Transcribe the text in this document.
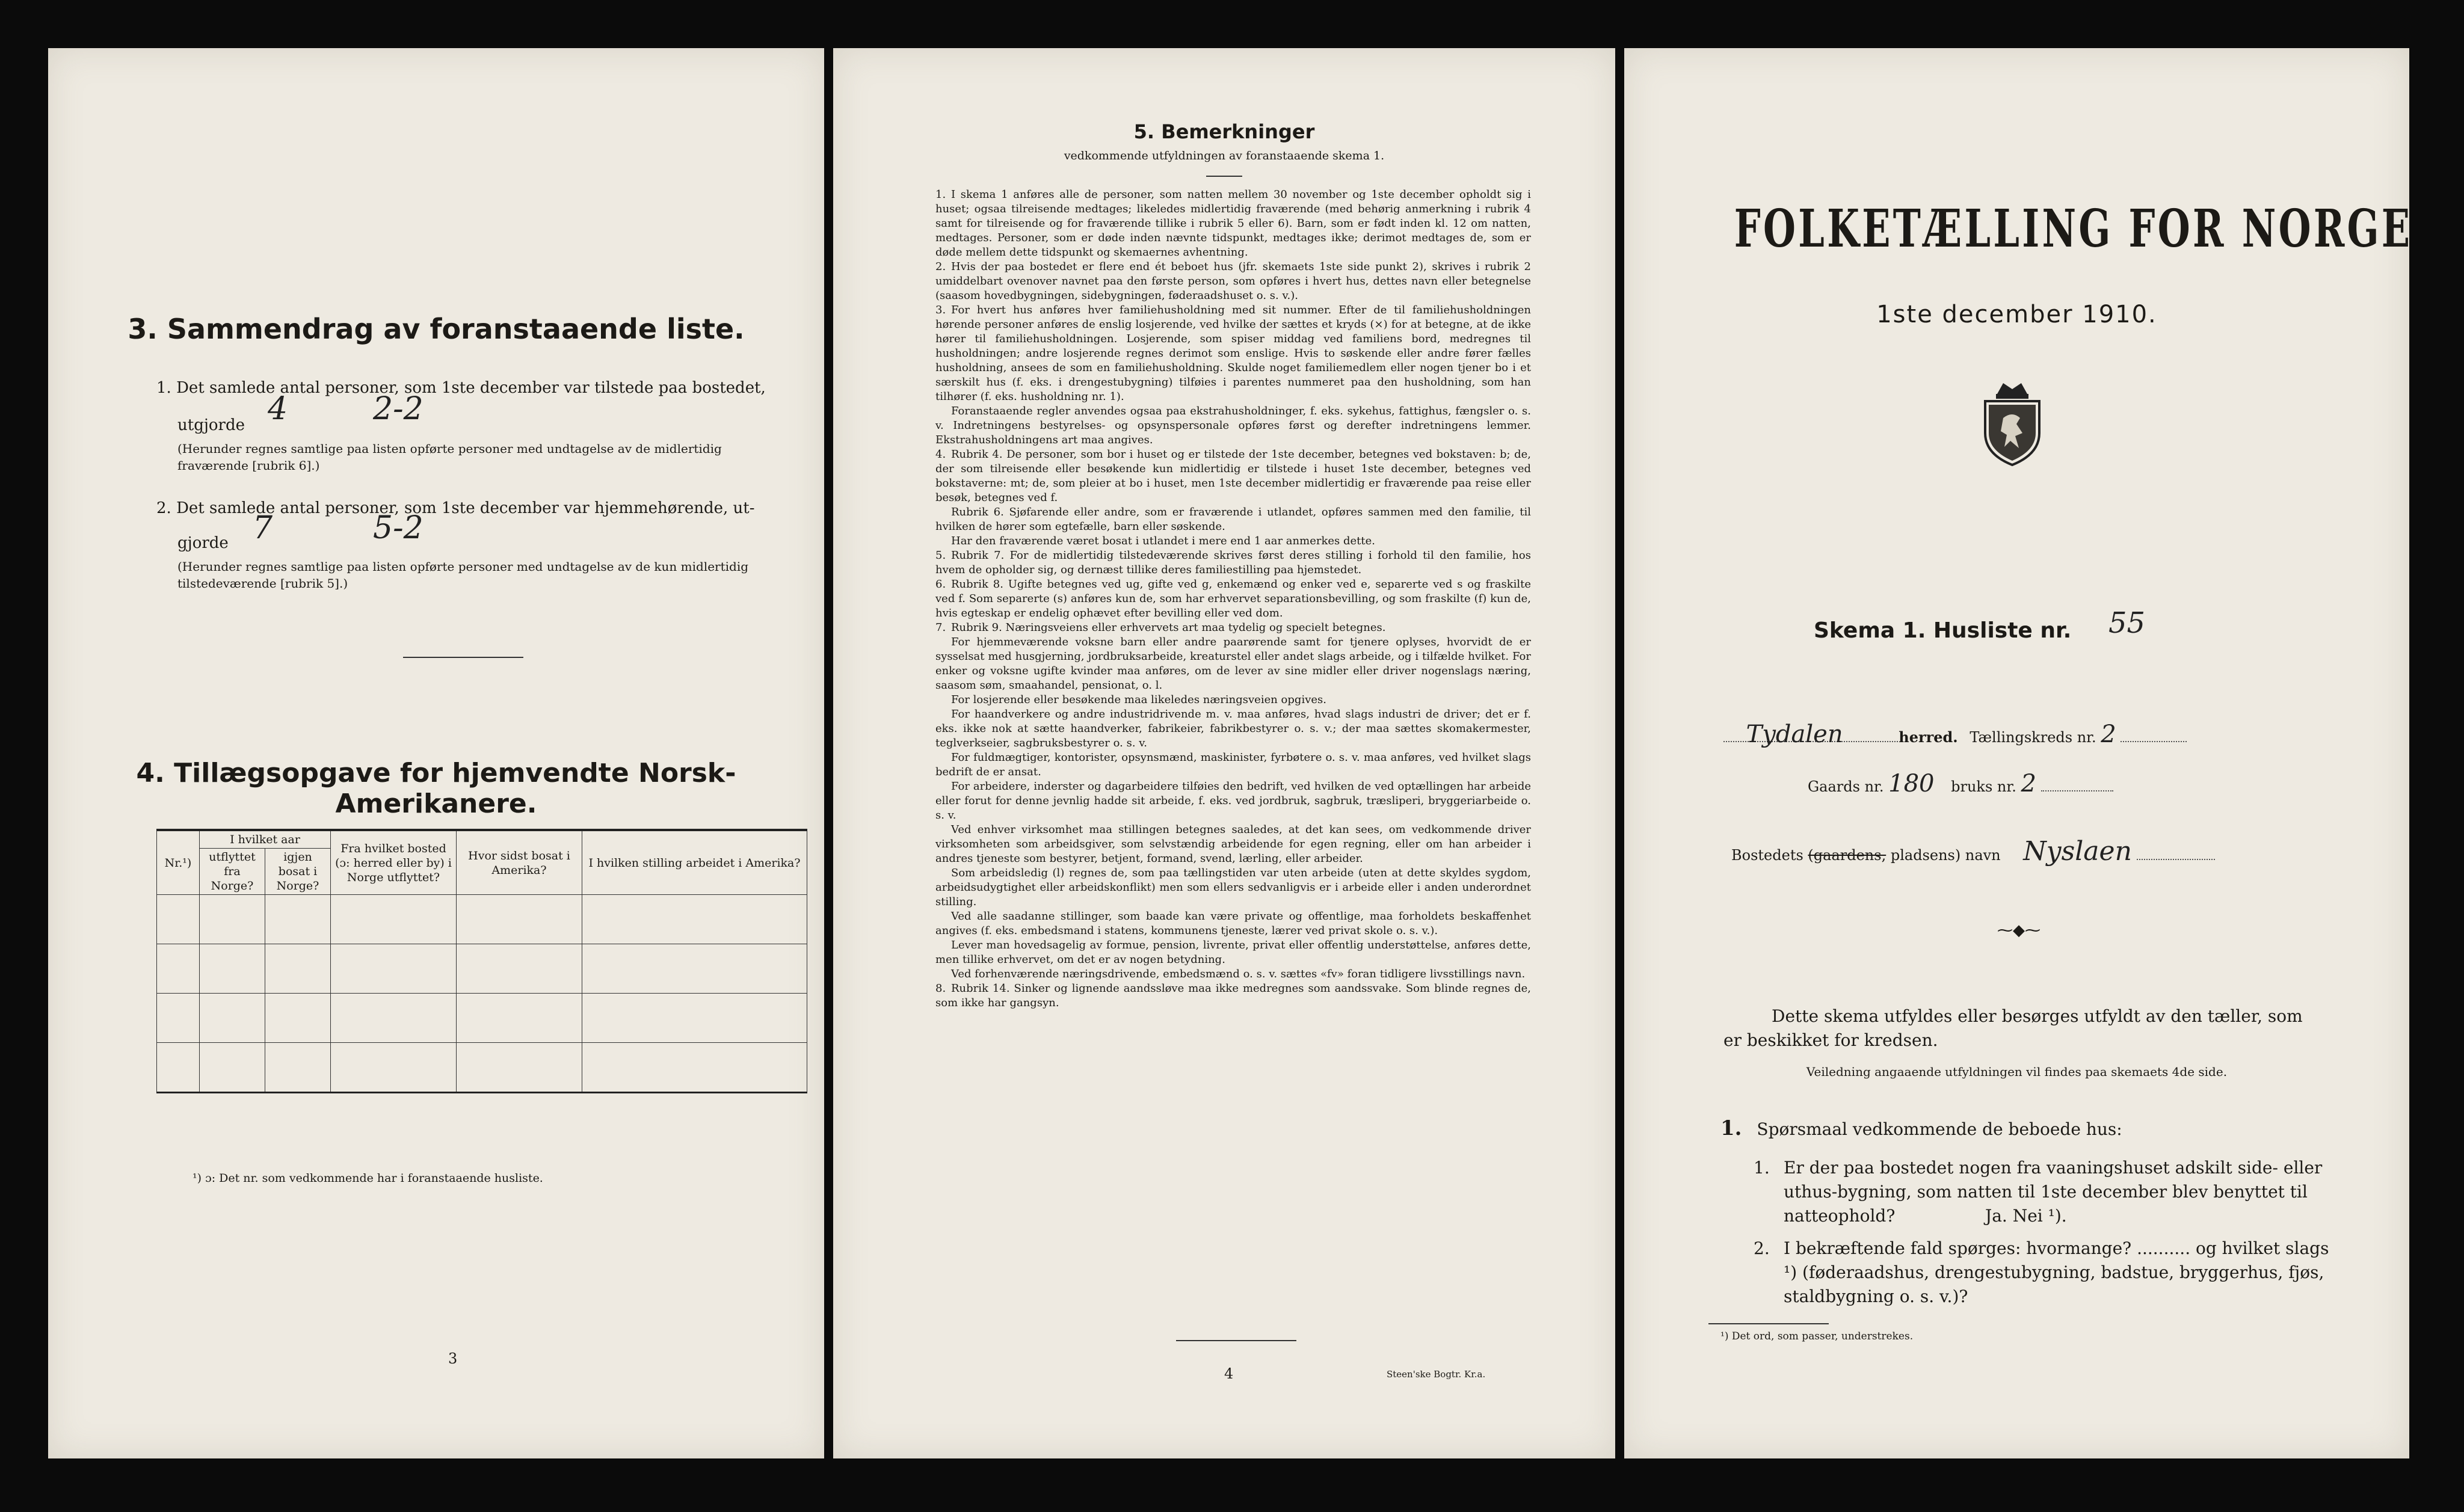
3. Sammendrag av foranstaaende liste.
1. Det samlede antal personer, som 1ste december var tilstede paa bostedet,
utgjorde 4	2-2
(Herunder regnes samtlige paa listen opførte personer med undtagelse av de midlertidig fraværende [rubrik 6].)
2. Det samlede antal personer, som 1ste december var hjemmehørende, ut-
gjorde 7	5-2
(Herunder regnes samtlige paa listen opførte personer med undtagelse av de kun midlertidig tilstedeværende [rubrik 5].)
4. Tillægsopgave for hjemvendte Norsk-Amerikanere.
Nr.¹)	I hvilket aar		Fra hvilket bosted (ɔ: herred eller by) i Norge utflyttet?	Hvor sidst bosat i Amerika?	I hvilken stilling arbeidet i Amerika?
	utflyttet fra Norge?	igjen bosat i Norge?			

¹) ɔ: Det nr. som vedkommende har i foranstaaende husliste.
3
5. Bemerkninger
vedkommende utfyldningen av foranstaaende skema 1.

1. I skema 1 anføres alle de personer, som natten mellem 30 november og 1ste december opholdt sig i huset; ogsaa tilreisende medtages; likeledes midlertidig fraværende (med behørig anmerkning i rubrik 4 samt for tilreisende og for fraværende tillike i rubrik 5 eller 6). Barn, som er født inden kl. 12 om natten, medtages. Personer, som er døde inden nævnte tidspunkt, medtages ikke; derimot medtages de, som er døde mellem dette tidspunkt og skemaernes avhentning.

2. Hvis der paa bostedet er flere end ét beboet hus (jfr. skemaets 1ste side punkt 2), skrives i rubrik 2 umiddelbart ovenover navnet paa den første person, som opføres i hvert hus, dettes navn eller betegnelse (saasom hovedbygningen, sidebygningen, føderaadshuset o. s. v.).

3. For hvert hus anføres hver familiehusholdning med sit nummer. Efter de til familiehusholdningen hørende personer anføres de enslig losjerende, ved hvilke der sættes et kryds (×) for at betegne, at de ikke hører til familiehusholdningen. Losjerende, som spiser middag ved familiens bord, medregnes til husholdningen; andre losjerende regnes derimot som enslige. Hvis to søskende eller andre fører fælles husholdning, ansees de som en familiehusholdning. Skulde noget familiemedlem eller nogen tjener bo i et særskilt hus (f. eks. i drengestubygning) tilføies i parentes nummeret paa den husholdning, som han tilhører (f. eks. husholdning nr. 1).

Foranstaaende regler anvendes ogsaa paa ekstrahusholdninger, f. eks. sykehus, fattighus, fængsler o. s. v. Indretningens bestyrelses- og opsynspersonale opføres først og derefter indretningens lemmer. Ekstrahusholdningens art maa angives.

4. Rubrik 4. De personer, som bor i huset og er tilstede der 1ste december, betegnes ved bokstaven: b; de, der som tilreisende eller besøkende kun midlertidig er tilstede i huset 1ste december, betegnes ved bokstaverne: mt; de, som pleier at bo i huset, men 1ste december midlertidig er fraværende paa reise eller besøk, betegnes ved f.

Rubrik 6. Sjøfarende eller andre, som er fraværende i utlandet, opføres sammen med den familie, til hvilken de hører som egtefælle, barn eller søskende.

Har den fraværende været bosat i utlandet i mere end 1 aar anmerkes dette.

5. Rubrik 7. For de midlertidig tilstedeværende skrives først deres stilling i forhold til den familie, hos hvem de opholder sig, og dernæst tillike deres familiestilling paa hjemstedet.

6. Rubrik 8. Ugifte betegnes ved ug, gifte ved g, enkemænd og enker ved e, separerte ved s og fraskilte ved f. Som separerte (s) anføres kun de, som har erhvervet separationsbevilling, og som fraskilte (f) kun de, hvis egteskap er endelig ophævet efter bevilling eller ved dom.

7. Rubrik 9. Næringsveiens eller erhvervets art maa tydelig og specielt betegnes.

For hjemmeværende voksne barn eller andre paarørende samt for tjenere oplyses, hvorvidt de er sysselsat med husgjerning, jordbruksarbeide, kreaturstel eller andet slags arbeide, og i tilfælde hvilket. For enker og voksne ugifte kvinder maa anføres, om de lever av sine midler eller driver nogenslags næring, saasom søm, smaahandel, pensionat, o. l.

For losjerende eller besøkende maa likeledes næringsveien opgives.

For haandverkere og andre industridrivende m. v. maa anføres, hvad slags industri de driver; det er f. eks. ikke nok at sætte haandverker, fabrikeier, fabrikbestyrer o. s. v.; der maa sættes skomakermester, teglverkseier, sagbruksbestyrer o. s. v.

For fuldmægtiger, kontorister, opsynsmænd, maskinister, fyrbøtere o. s. v. maa anføres, ved hvilket slags bedrift de er ansat.

For arbeidere, inderster og dagarbeidere tilføies den bedrift, ved hvilken de ved optællingen har arbeide eller forut for denne jevnlig hadde sit arbeide, f. eks. ved jordbruk, sagbruk, træsliperi, bryggeriarbeide o. s. v.

Ved enhver virksomhet maa stillingen betegnes saaledes, at det kan sees, om vedkommende driver virksomheten som arbeidsgiver, som selvstændig arbeidende for egen regning, eller om han arbeider i andres tjeneste som bestyrer, betjent, formand, svend, lærling, eller arbeider.

Som arbeidsledig (l) regnes de, som paa tællingstiden var uten arbeide (uten at dette skyldes sygdom, arbeidsudygtighet eller arbeidskonflikt) men som ellers sedvanligvis er i arbeide eller i anden underordnet stilling.

Ved alle saadanne stillinger, som baade kan være private og offentlige, maa forholdets beskaffenhet angives (f. eks. embedsmand i statens, kommunens tjeneste, lærer ved privat skole o. s. v.).

Lever man hovedsagelig av formue, pension, livrente, privat eller offentlig understøttelse, anføres dette, men tillike erhvervet, om det er av nogen betydning.

Ved forhenværende næringsdrivende, embedsmænd o. s. v. sættes «fv» foran tidligere livsstillings navn.

8. Rubrik 14. Sinker og lignende aandssløve maa ikke medregnes som aandssvake. Som blinde regnes de, som ikke har gangsyn.

4	Steen'ske Bogtr. Kr.a.
FOLKETÆLLING FOR NORGE
1ste december 1910.
Skema 1. Husliste nr. 55
Tydalen	herred. Tællingskreds nr. 2
Gaards nr. 180 bruks nr. 2
Bostedets (gaardens, pladsens) navn Nyslaen
⁓◆⁓
Dette skema utfyldes eller besørges utfyldt av den tæller, som er beskikket for kredsen.
Veiledning angaaende utfyldningen vil findes paa skemaets 4de side.
1. Spørsmaal vedkommende de beboede hus:
1. Er der paa bostedet nogen fra vaaningshuset adskilt side- eller uthus-bygning, som natten til 1ste december blev benyttet til natteophold?	Ja. Nei ¹).
2. I bekræftende fald spørges: hvormange? .......... og hvilket slags ¹) (føderaadshus, drengestubygning, badstue, bryggerhus, fjøs, staldbygning o. s. v.)?
¹) Det ord, som passer, understrekes.
